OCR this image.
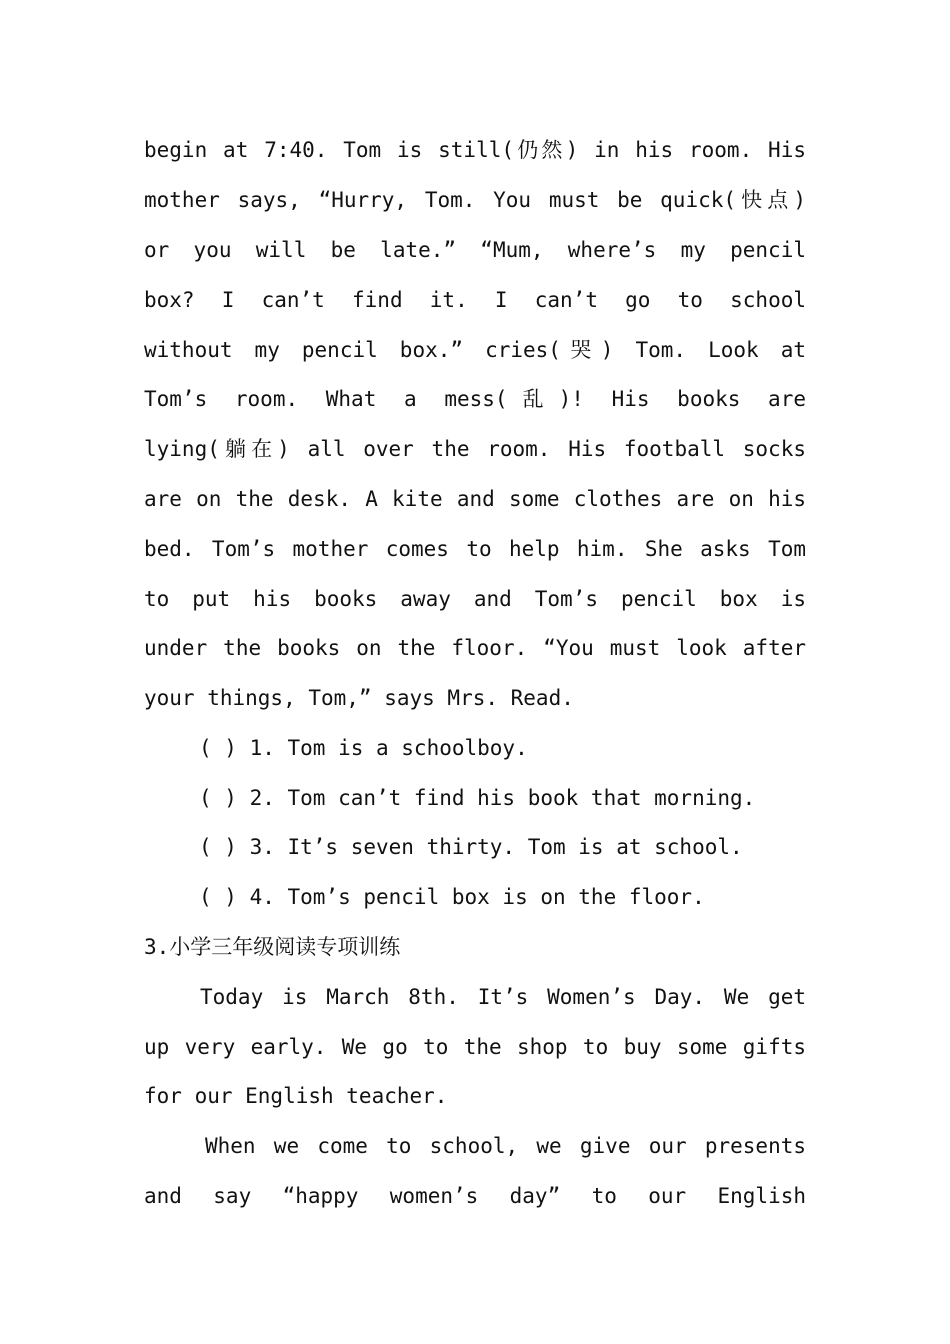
begin at 7:40. Tom is still(仍然) in his room. His
mother says, “Hurry, Tom. You must be quick(快点)
or you will be late.” “Mum, where’s my pencil
box? I can’t find it. I can’t go to school
without my pencil box.” cries(哭) Tom. Look at
Tom’s room. What a mess(乱)! His books are
lying(躺在) all over the room. His football socks
are on the desk. A kite and some clothes are on his
bed. Tom’s mother comes to help him. She asks Tom
to put his books away and Tom’s pencil box is
under the books on the floor. “You must look after
your things, Tom,” says Mrs. Read.
( ) 1. Tom is a schoolboy.
( ) 2. Tom can’t find his book that morning.
( ) 3. It’s seven thirty. Tom is at school.
( ) 4. Tom’s pencil box is on the floor.
3.小学三年级阅读专项训练
Today is March 8th. It’s Women’s Day. We get
up very early. We go to the shop to buy some gifts
for our English teacher.
When we come to school, we give our presents
and say “happy women’s day” to our English
